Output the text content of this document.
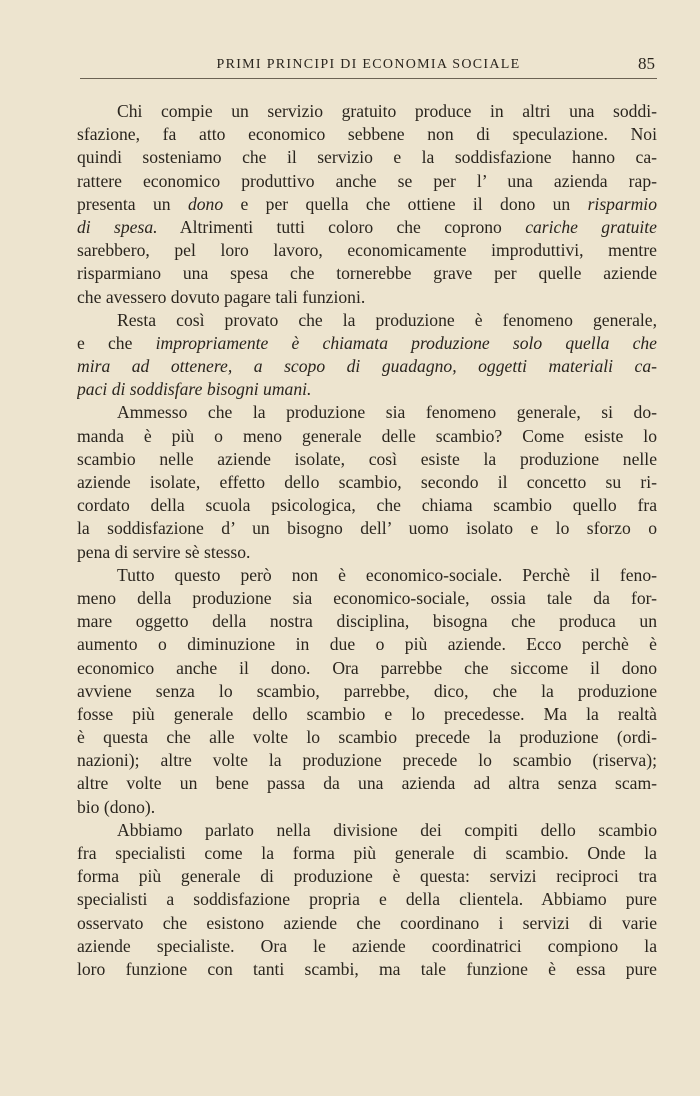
PRIMI PRINCIPI DI ECONOMIA SOCIALE	85
Chi compie un servizio gratuito produce in altri una soddi-
sfazione, fa atto economico sebbene non di speculazione. Noi
quindi sosteniamo che il servizio e la soddisfazione hanno ca-
rattere economico produttivo anche se per l’ una azienda rap-
presenta un dono e per quella che ottiene il dono un risparmio
di spesa. Altrimenti tutti coloro che coprono cariche gratuite
sarebbero, pel loro lavoro, economicamente improduttivi, mentre
risparmiano una spesa che tornerebbe grave per quelle aziende
che avessero dovuto pagare tali funzioni.
Resta così provato che la produzione è fenomeno generale,
e che impropriamente è chiamata produzione solo quella che
mira ad ottenere, a scopo di guadagno, oggetti materiali ca-
paci di soddisfare bisogni umani.
Ammesso che la produzione sia fenomeno generale, si do-
manda è più o meno generale delle scambio? Come esiste lo
scambio nelle aziende isolate, così esiste la produzione nelle
aziende isolate, effetto dello scambio, secondo il concetto su ri-
cordato della scuola psicologica, che chiama scambio quello fra
la soddisfazione d’ un bisogno dell’ uomo isolato e lo sforzo o
pena di servire sè stesso.
Tutto questo però non è economico-sociale. Perchè il feno-
meno della produzione sia economico-sociale, ossia tale da for-
mare oggetto della nostra disciplina, bisogna che produca un
aumento o diminuzione in due o più aziende. Ecco perchè è
economico anche il dono. Ora parrebbe che siccome il dono
avviene senza lo scambio, parrebbe, dico, che la produzione
fosse più generale dello scambio e lo precedesse. Ma la realtà
è questa che alle volte lo scambio precede la produzione (ordi-
nazioni); altre volte la produzione precede lo scambio (riserva);
altre volte un bene passa da una azienda ad altra senza scam-
bio (dono).
Abbiamo parlato nella divisione dei compiti dello scambio
fra specialisti come la forma più generale di scambio. Onde la
forma più generale di produzione è questa: servizi reciproci tra
specialisti a soddisfazione propria e della clientela. Abbiamo pure
osservato che esistono aziende che coordinano i servizi di varie
aziende specialiste. Ora le aziende coordinatrici compiono la
loro funzione con tanti scambi, ma tale funzione è essa pure
